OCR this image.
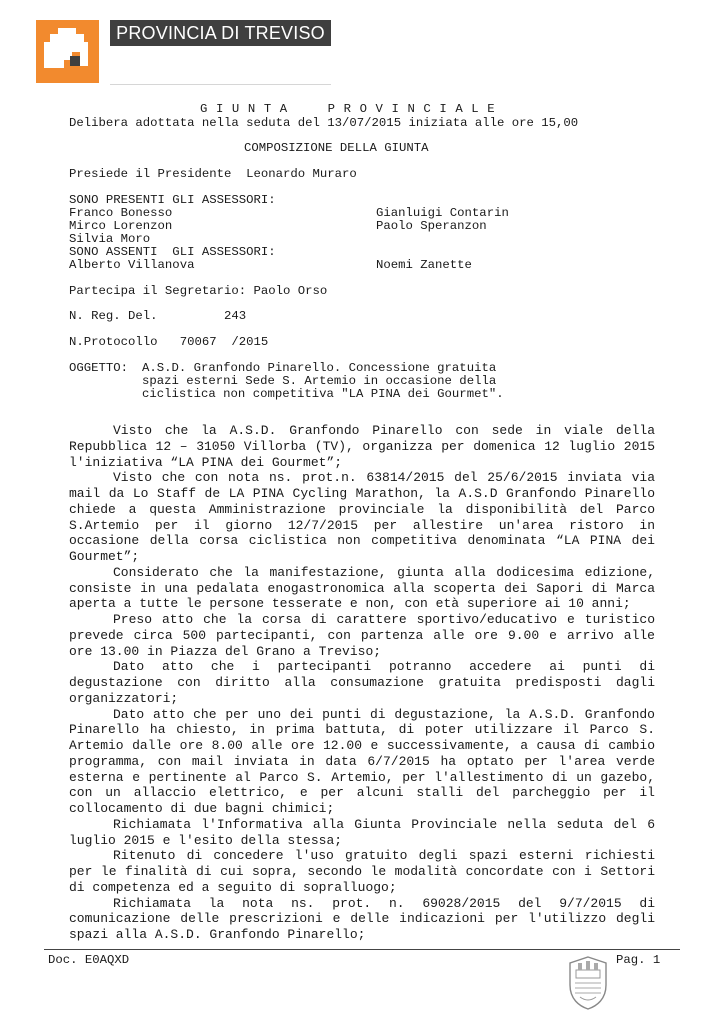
PROVINCIA DI TREVISO
G I U N T A     P R O V I N C I A L E
Delibera adottata nella seduta del 13/07/2015 iniziata alle ore 15,00
COMPOSIZIONE DELLA GIUNTA
Presiede il Presidente  Leonardo Muraro
SONO PRESENTI GLI ASSESSORI:
Franco Bonesso	Gianluigi Contarin
Mirco Lorenzon	Paolo Speranzon
Silvia Moro
SONO ASSENTI  GLI ASSESSORI:
Alberto Villanova	Noemi Zanette
Partecipa il Segretario: Paolo Orso
N. Reg. Del.         243
N.Protocollo   70067  /2015
OGGETTO: A.S.D. Granfondo Pinarello. Concessione gratuita
spazi esterni Sede S. Artemio in occasione della
ciclistica non competitiva "LA PINA dei Gourmet".

Visto che la A.S.D. Granfondo Pinarello con sede in viale della Repubblica 12 – 31050 Villorba (TV), organizza per domenica 12 luglio 2015 l'iniziativa “LA PINA dei Gourmet”;

Visto che con nota ns. prot.n. 63814/2015 del 25/6/2015 inviata via mail da Lo Staff de LA PINA Cycling Marathon, la A.S.D Granfondo Pinarello chiede a questa Amministrazione provinciale la disponibilità del Parco S.Artemio per il giorno 12/7/2015 per allestire un'area ristoro in occasione della corsa ciclistica non competitiva denominata “LA PINA dei Gourmet”;

Considerato che la manifestazione, giunta alla dodicesima edizione, consiste in una pedalata enogastronomica alla scoperta dei Sapori di Marca aperta a tutte le persone tesserate e non, con età superiore ai 10 anni;

Preso atto che la corsa di carattere sportivo/educativo e turistico prevede circa 500 partecipanti, con partenza alle ore 9.00 e arrivo alle ore 13.00 in Piazza del Grano a Treviso;

Dato atto che i partecipanti potranno accedere ai punti di degustazione con diritto alla consumazione gratuita predisposti dagli organizzatori;

Dato atto che per uno dei punti di degustazione, la A.S.D. Granfondo Pinarello ha chiesto, in prima battuta, di poter utilizzare il Parco S. Artemio dalle ore 8.00 alle ore 12.00 e successivamente, a causa di cambio programma, con mail inviata in data 6/7/2015 ha optato per l'area verde esterna e pertinente al Parco S. Artemio, per l'allestimento di un gazebo, con un allaccio elettrico, e per alcuni stalli del parcheggio per il collocamento di due bagni chimici;

Richiamata l'Informativa alla Giunta Provinciale nella seduta del 6 luglio 2015 e l'esito della stessa;

Ritenuto di concedere l'uso gratuito degli spazi esterni richiesti per le finalità di cui sopra, secondo le modalità concordate con i Settori di competenza ed a seguito di sopralluogo;

Richiamata la nota ns. prot. n. 69028/2015 del 9/7/2015 di comunicazione delle prescrizioni e delle indicazioni per l'utilizzo degli spazi alla A.S.D. Granfondo Pinarello;

Doc. E0AQXD	Pag. 1
